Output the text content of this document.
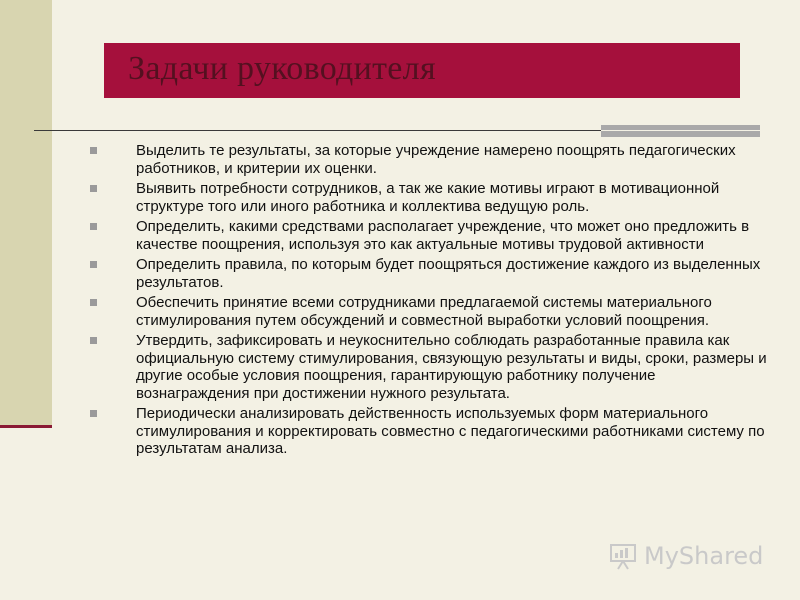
Задачи руководителя
Выделить те результаты, за которые учреждение намерено поощрять педагогических работников, и критерии их оценки.
Выявить потребности сотрудников, а так же какие мотивы играют в мотивационной структуре того или иного работника и коллектива ведущую роль.
Определить, какими средствами располагает учреждение, что может оно предложить в качестве поощрения, используя это как актуальные мотивы трудовой активности
Определить правила, по которым будет поощряться достижение каждого из выделенных результатов.
Обеспечить принятие всеми сотрудниками предлагаемой системы материального стимулирования путем обсуждений и совместной выработки условий поощрения.
Утвердить, зафиксировать и неукоснительно соблюдать разработанные правила как официальную систему стимулирования, связующую результаты и виды, сроки, размеры и другие особые условия поощрения, гарантирующую работнику получение вознаграждения при достижении нужного результата.
Периодически анализировать действенность используемых форм материального стимулирования и корректировать совместно с педагогическими работниками систему по результатам анализа.
MyShared
